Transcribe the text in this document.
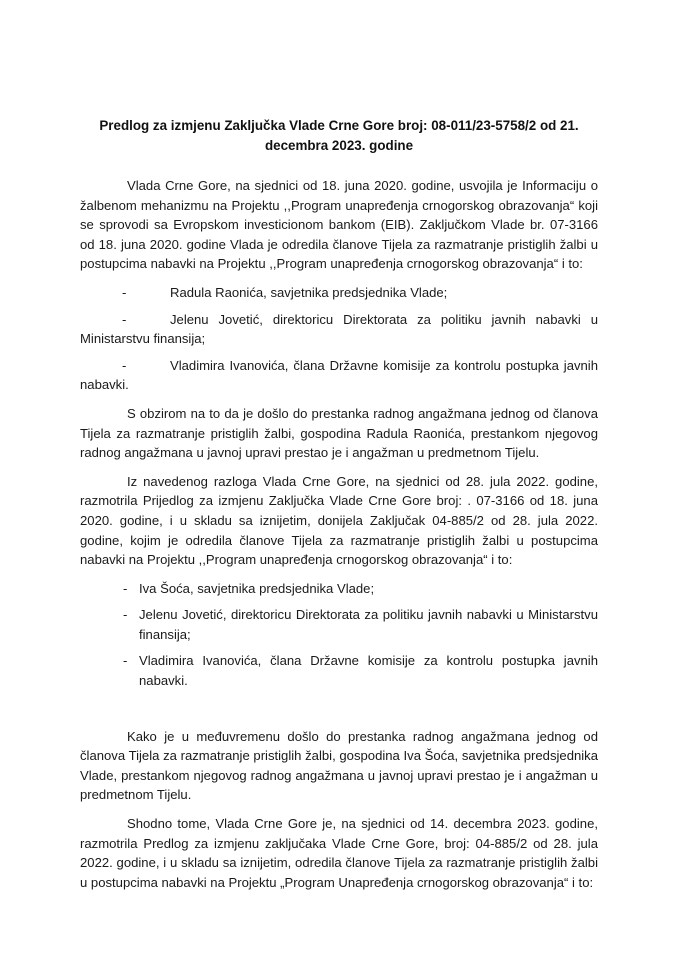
Predlog za izmjenu Zaključka Vlade Crne Gore broj: 08-011/23-5758/2 od 21.
decembra 2023. godine

Vlada Crne Gore, na sjednici od 18. juna 2020. godine, usvojila je Informaciju o žalbenom mehanizmu na Projektu ,,Program unapređenja crnogorskog obrazovanja“ koji se sprovodi sa Evropskom investicionom bankom (EIB). Zaključkom Vlade br. 07-3166 od 18. juna 2020. godine Vlada je odredila članove Tijela za razmatranje pristiglih žalbi u postupcima nabavki na Projektu ,,Program unapređenja crnogorskog obrazovanja“ i to:

-	Radula Raonića, savjetnika predsjednika Vlade;
-	Jelenu Jovetić, direktoricu Direktorata za politiku javnih nabavki u Ministarstvu finansija;
-	Vladimira Ivanovića, člana Državne komisije za kontrolu postupka javnih nabavki.

S obzirom na to da je došlo do prestanka radnog angažmana jednog od članova Tijela za razmatranje pristiglih žalbi, gospodina Radula Raonića, prestankom njegovog radnog angažmana u javnoj upravi prestao je i angažman u predmetnom Tijelu.

Iz navedenog razloga Vlada Crne Gore, na sjednici od 28. jula 2022. godine, razmotrila Prijedlog za izmjenu Zaključka Vlade Crne Gore broj: . 07-3166 od 18. juna 2020. godine, i u skladu sa iznijetim, donijela Zaključak 04-885/2 od 28. jula 2022. godine, kojim je odredila članove Tijela za razmatranje pristiglih žalbi u postupcima nabavki na Projektu ,,Program unapređenja crnogorskog obrazovanja“ i to:

- Iva Šoća, savjetnika predsjednika Vlade;
- Jelenu Jovetić, direktoricu Direktorata za politiku javnih nabavki u Ministarstvu finansija;
- Vladimira Ivanovića, člana Državne komisije za kontrolu postupka javnih nabavki.

Kako je u međuvremenu došlo do prestanka radnog angažmana jednog od članova Tijela za razmatranje pristiglih žalbi, gospodina Iva Šoća, savjetnika predsjednika Vlade, prestankom njegovog radnog angažmana u javnoj upravi prestao je i angažman u predmetnom Tijelu.

Shodno tome, Vlada Crne Gore je, na sjednici od 14. decembra 2023. godine, razmotrila Predlog za izmjenu zaključaka Vlade Crne Gore, broj: 04-885/2 od 28. jula 2022. godine, i u skladu sa iznijetim, odredila članove Tijela za razmatranje pristiglih žalbi u postupcima nabavki na Projektu „Program Unapređenja crnogorskog obrazovanja“ i to:
